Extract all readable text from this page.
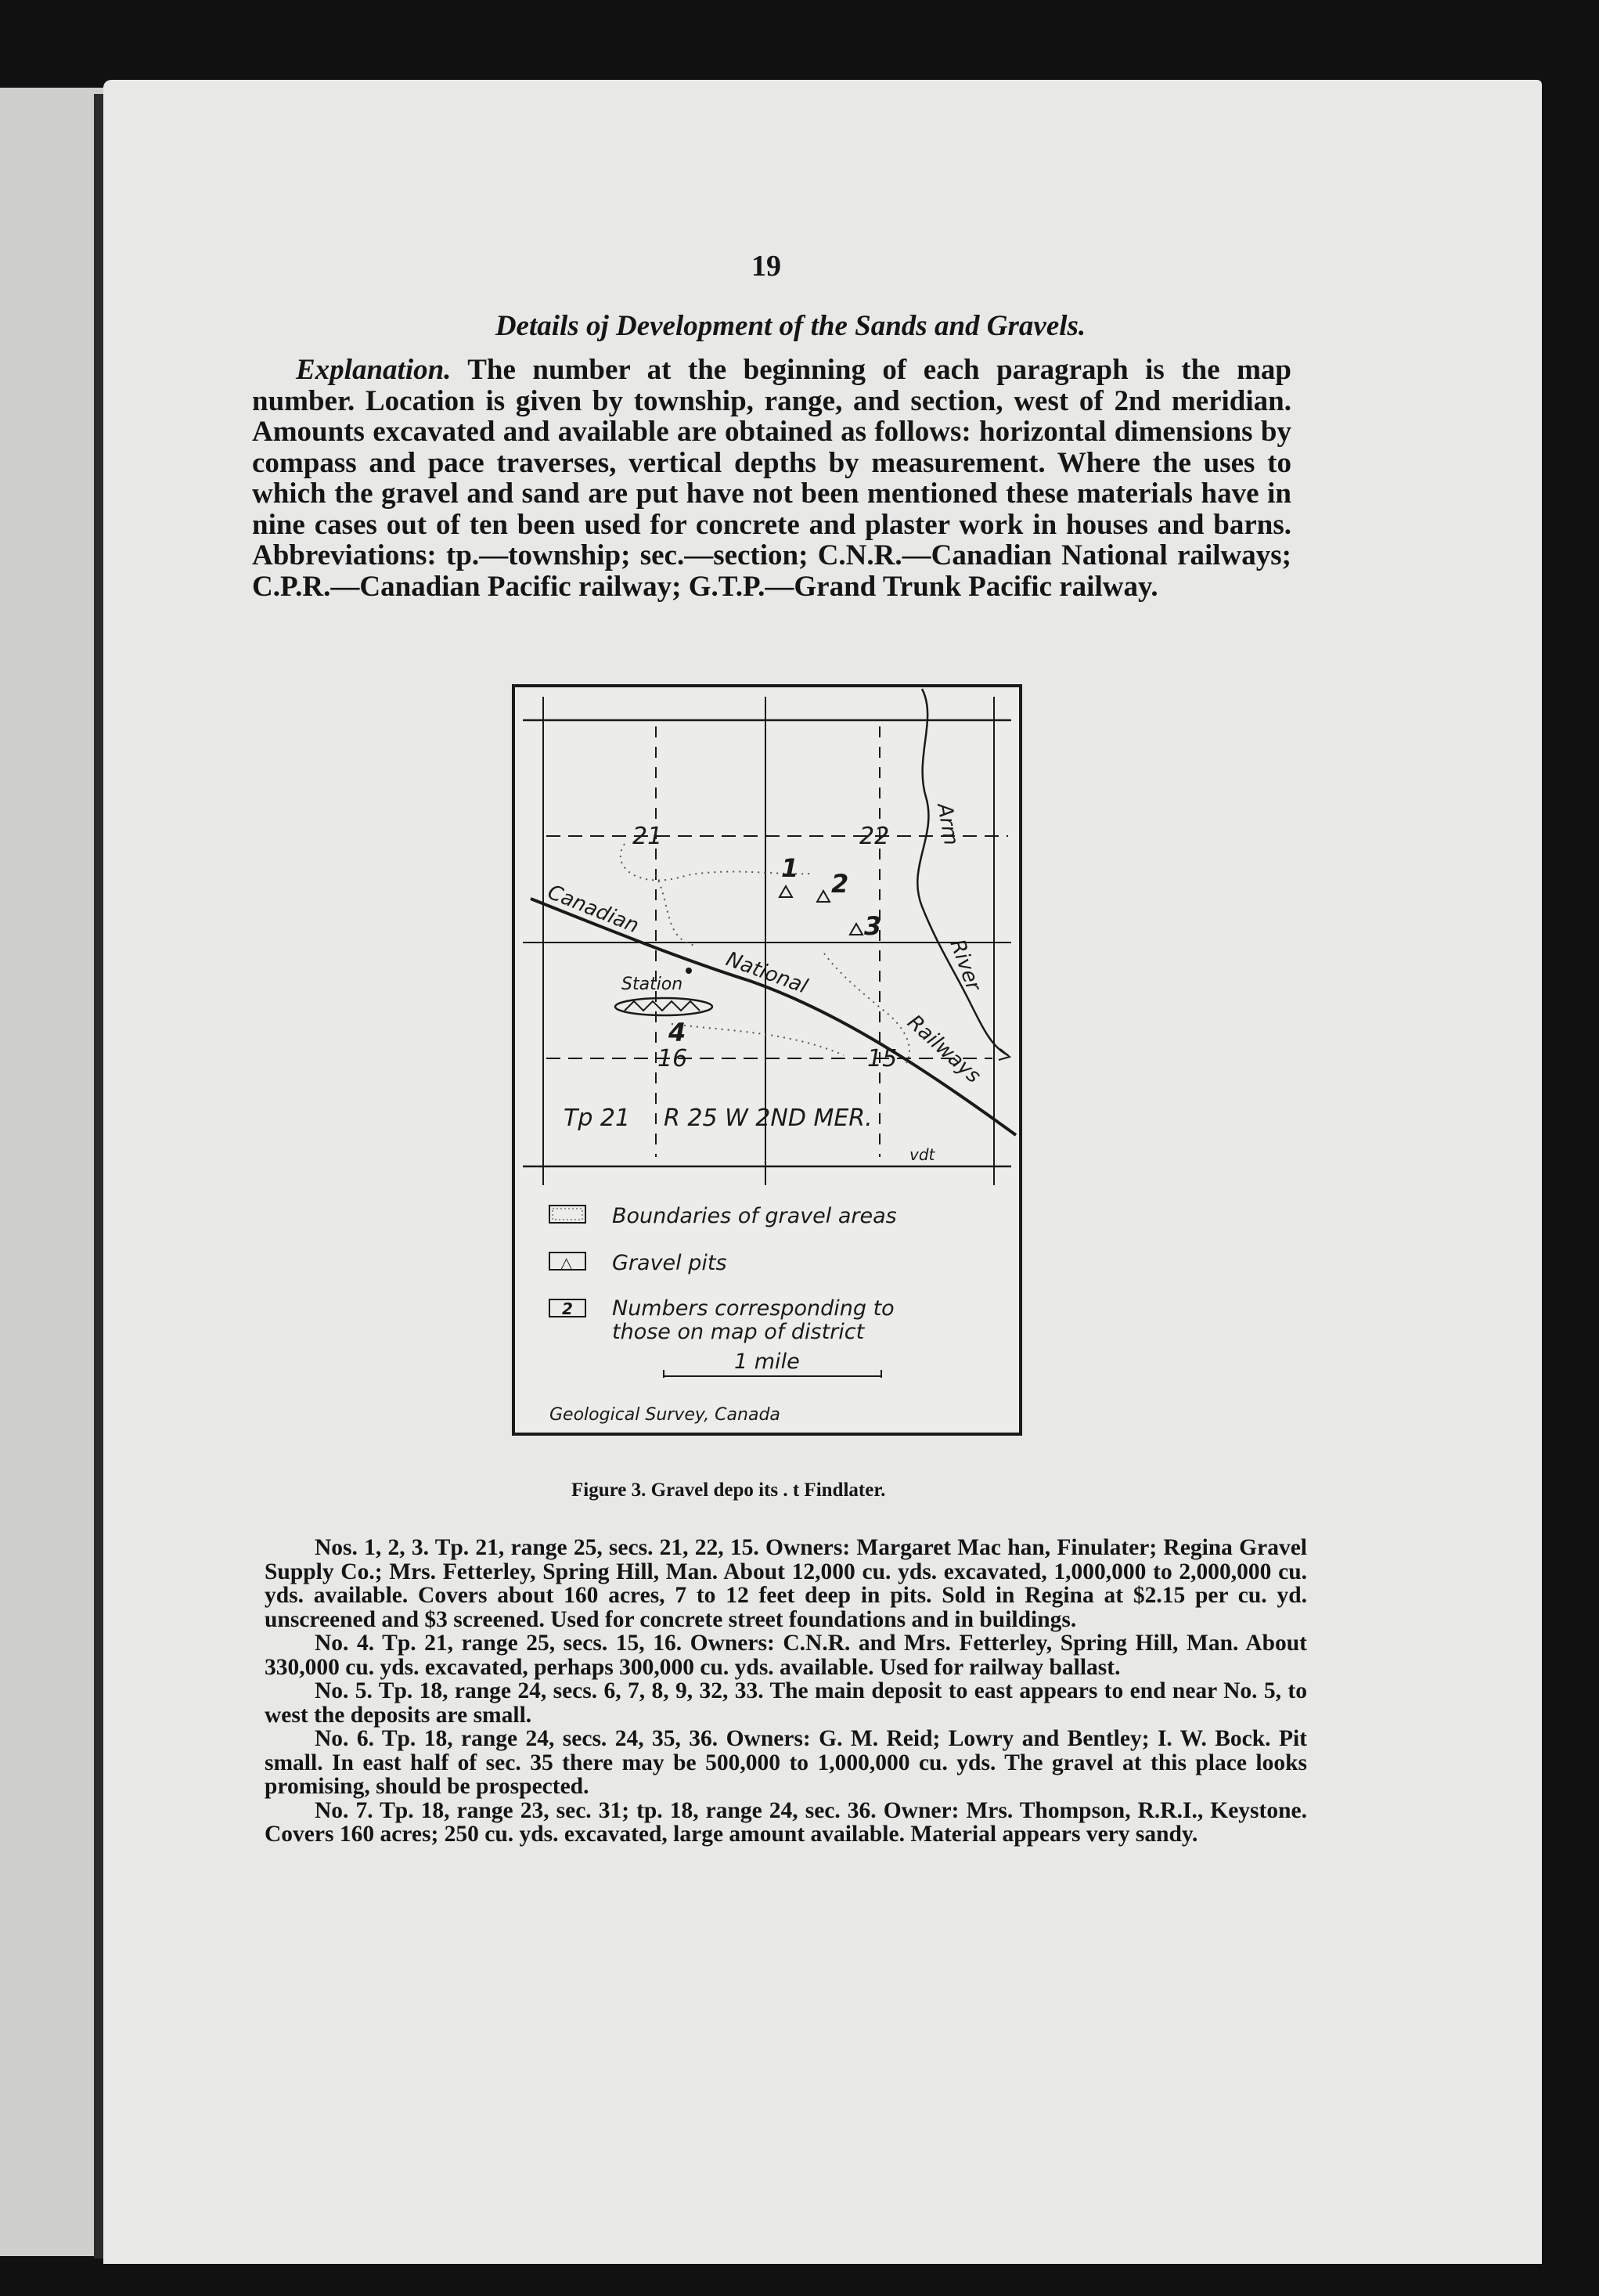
19
Details oj Development of the Sands and Gravels.

Explanation. The number at the beginning of each paragraph is the map number. Location is given by township, range, and section, west of 2nd meridian. Amounts excavated and available are obtained as follows: horizontal dimensions by compass and pace traverses, vertical depths by measurement. Where the uses to which the gravel and sand are put have not been mentioned these materials have in nine cases out of ten been used for concrete and plaster work in houses and barns. Abbreviations: tp.—township; sec.—section; C.N.R.—Canadian National railways; C.P.R.—Canadian Pacific railway; G.T.P.—Grand Trunk Pacific railway.

21	22
16	15
1
2
3
4
Canadian
National
Railways
Station
Arm
River
Tp 21 R 25 W 2ND MER.
vdt
Boundaries of gravel areas
△ Gravel pits
2 Numbers corresponding to
those on map of district
1 mile
Geological Survey, Canada
Figure 3. Gravel depo its . t Findlater.

Nos. 1, 2, 3. Tp. 21, range 25, secs. 21, 22, 15. Owners: Margaret Mac han, Finulater; Regina Gravel Supply Co.; Mrs. Fetterley, Spring Hill, Man. About 12,000 cu. yds. excavated, 1,000,000 to 2,000,000 cu. yds. available. Covers about 160 acres, 7 to 12 feet deep in pits. Sold in Regina at $2.15 per cu. yd. unscreened and $3 screened. Used for concrete street foundations and in buildings.

No. 4. Tp. 21, range 25, secs. 15, 16. Owners: C.N.R. and Mrs. Fetterley, Spring Hill, Man. About 330,000 cu. yds. excavated, perhaps 300,000 cu. yds. available. Used for railway ballast.

No. 5. Tp. 18, range 24, secs. 6, 7, 8, 9, 32, 33. The main deposit to east appears to end near No. 5, to west the deposits are small.

No. 6. Tp. 18, range 24, secs. 24, 35, 36. Owners: G. M. Reid; Lowry and Bentley; I. W. Bock. Pit small. In east half of sec. 35 there may be 500,000 to 1,000,000 cu. yds. The gravel at this place looks promising, should be prospected.

No. 7. Tp. 18, range 23, sec. 31; tp. 18, range 24, sec. 36. Owner: Mrs. Thompson, R.R.I., Keystone. Covers 160 acres; 250 cu. yds. excavated, large amount available. Material appears very sandy.
